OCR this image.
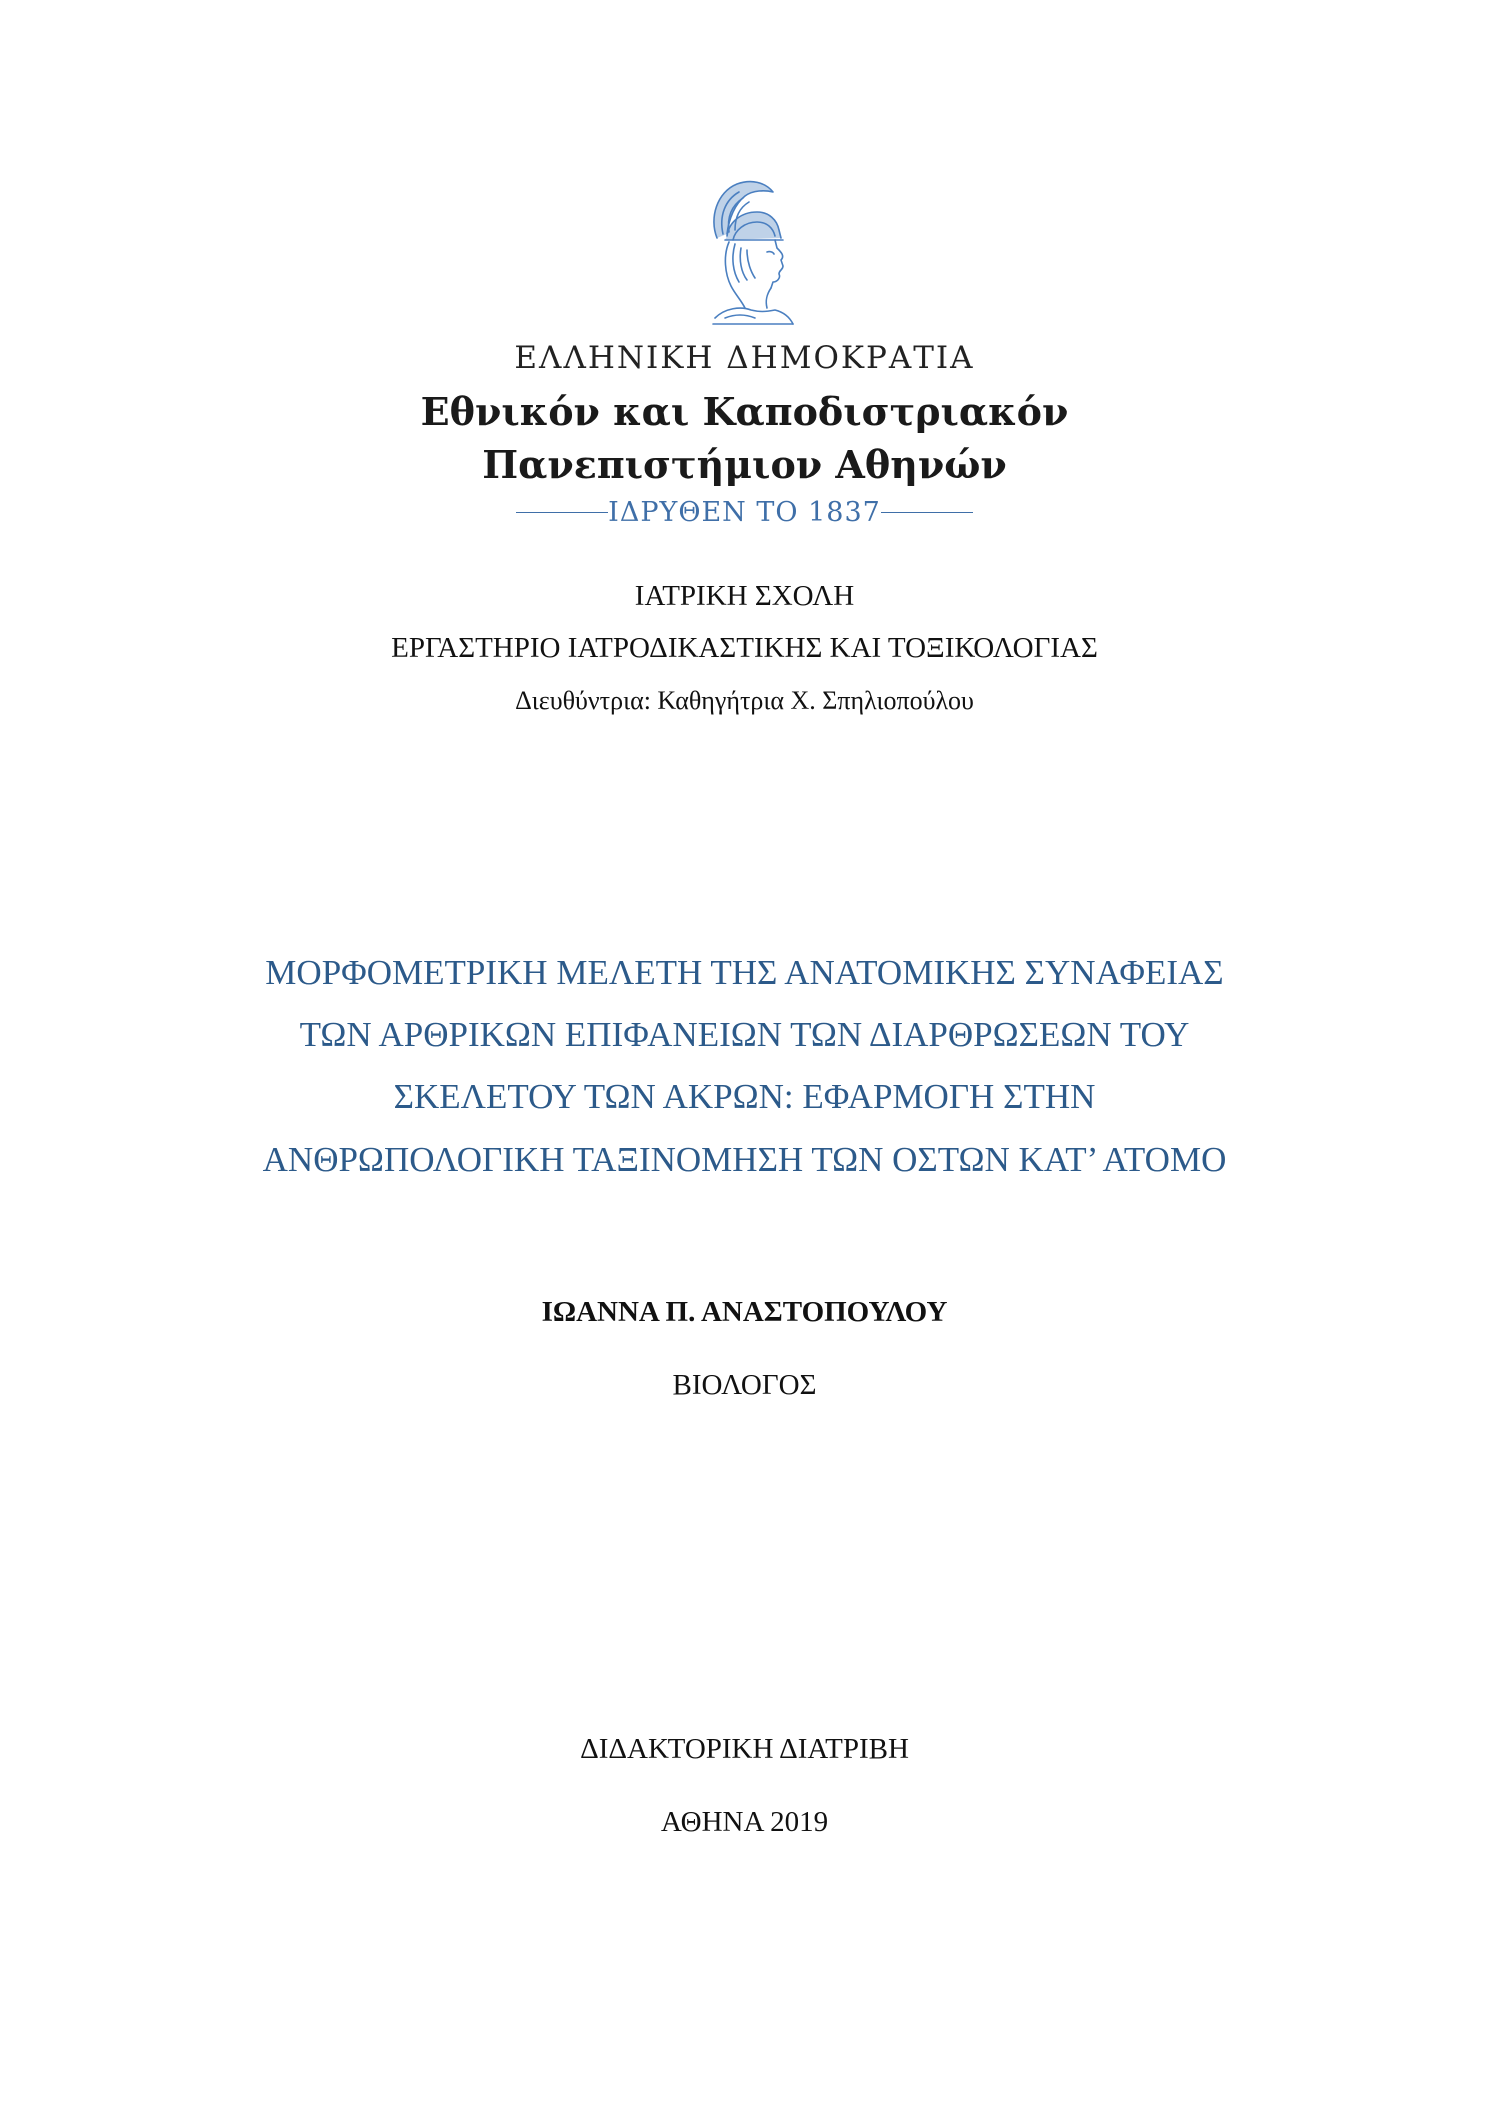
ΕΛΛΗΝΙΚΗ ΔΗΜΟΚΡΑΤΙΑ
Εθνικόν και Καποδιστριακόν
Πανεπιστήμιον Αθηνών
ΙΔΡΥΘΕΝ ΤΟ 1837
ΙΑΤΡΙΚΗ ΣΧΟΛΗ
ΕΡΓΑΣΤΗΡΙΟ ΙΑΤΡΟΔΙΚΑΣΤΙΚΗΣ ΚΑΙ ΤΟΞΙΚΟΛΟΓΙΑΣ
Διευθύντρια: Καθηγήτρια Χ. Σπηλιοπούλου
ΜΟΡΦΟΜΕΤΡΙΚΗ ΜΕΛΕΤΗ ΤΗΣ ΑΝΑΤΟΜΙΚΗΣ ΣΥΝΑΦΕΙΑΣ
ΤΩΝ ΑΡΘΡΙΚΩΝ ΕΠΙΦΑΝΕΙΩΝ ΤΩΝ ΔΙΑΡΘΡΩΣΕΩΝ ΤΟΥ
ΣΚΕΛΕΤΟΥ ΤΩΝ ΑΚΡΩΝ: ΕΦΑΡΜΟΓΗ ΣΤΗΝ
ΑΝΘΡΩΠΟΛΟΓΙΚΗ ΤΑΞΙΝΟΜΗΣΗ ΤΩΝ ΟΣΤΩΝ ΚΑΤ’ ΑΤΟΜΟ
ΙΩΑΝΝΑ Π. ΑΝΑΣΤΟΠΟΥΛΟΥ
ΒΙΟΛΟΓΟΣ
ΔΙΔΑΚΤΟΡΙΚΗ ΔΙΑΤΡΙΒΗ
ΑΘΗΝΑ 2019
